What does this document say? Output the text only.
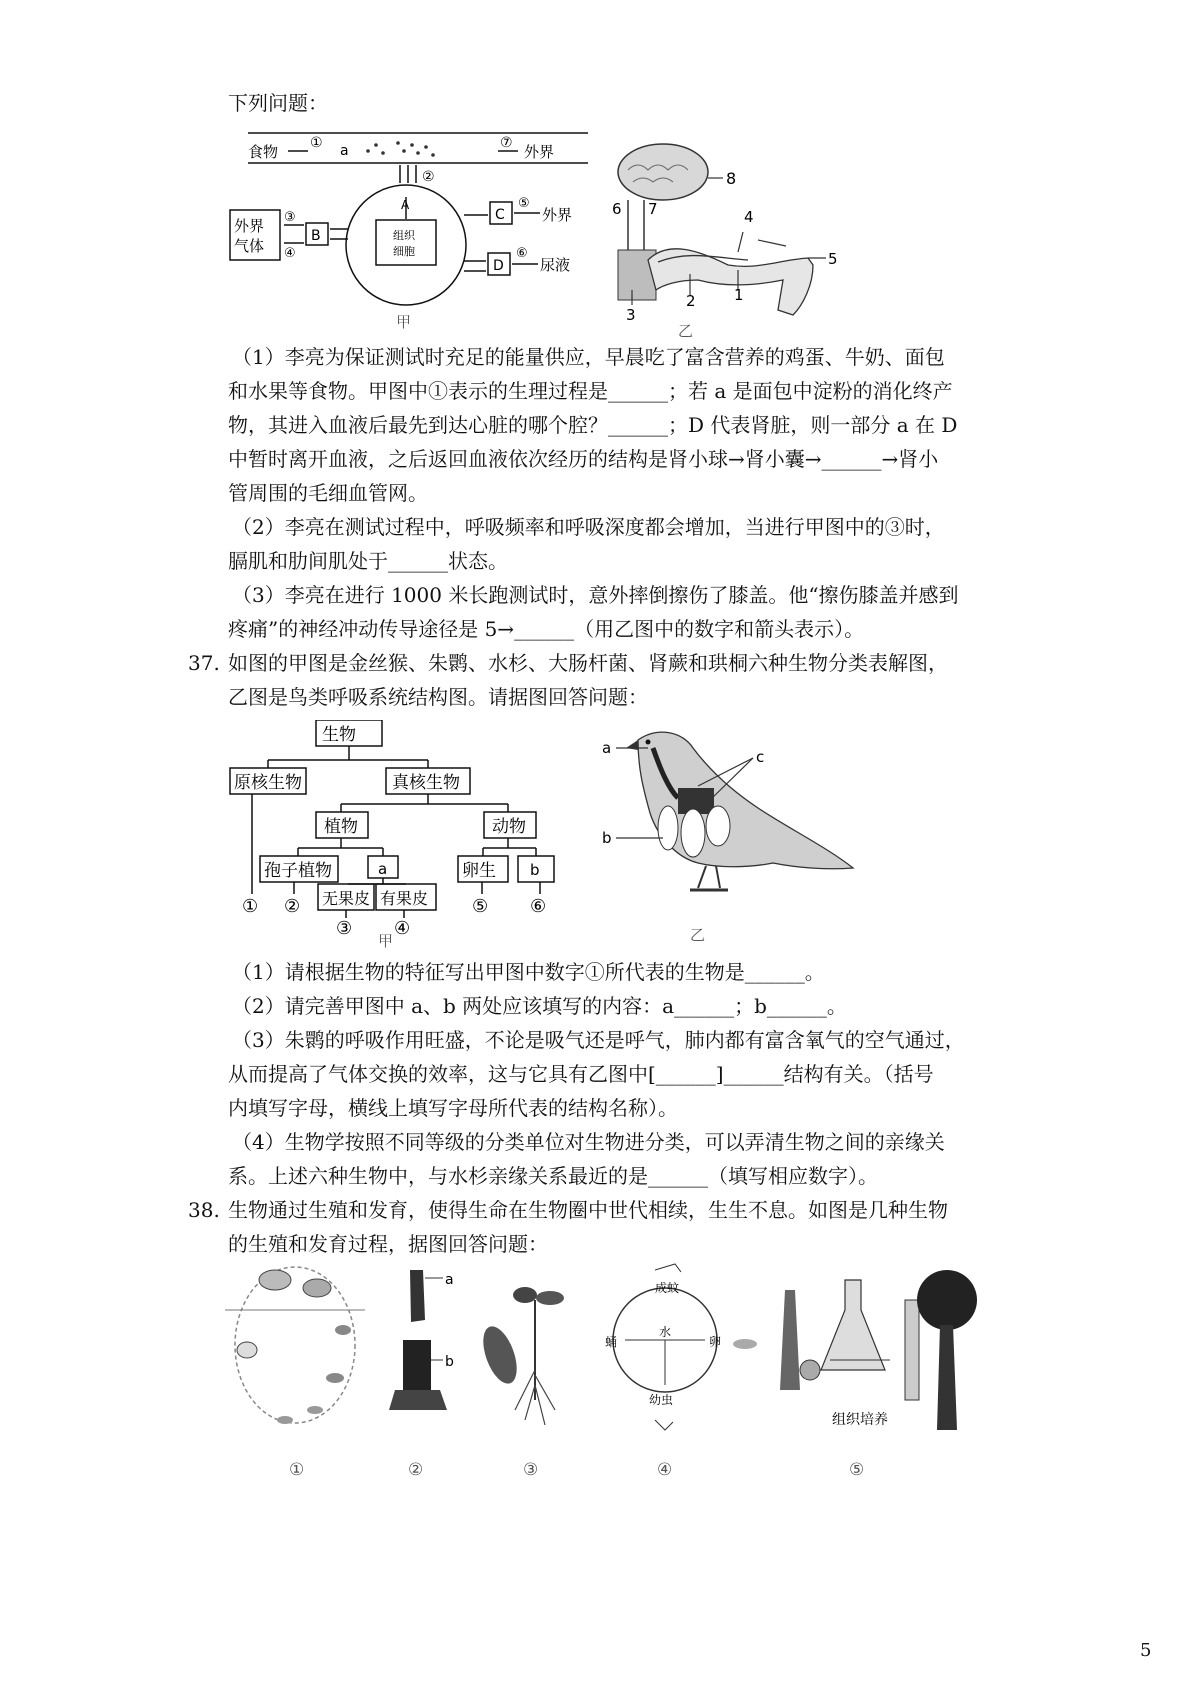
下列问题：
食物 ① a	⑦ 外界
②
A
组织
细胞
外界
气体
③
④
B
C
⑤
外界
D
⑥
尿液
甲
8
6 7	4
5
3
2	1
乙
（1）李亮为保证测试时充足的能量供应，早晨吃了富含营养的鸡蛋、牛奶、面包
和水果等食物。甲图中①表示的生理过程是______；若 a 是面包中淀粉的消化终产
物，其进入血液后最先到达心脏的哪个腔？______；D 代表肾脏，则一部分 a 在 D
中暂时离开血液，之后返回血液依次经历的结构是肾小球→肾小囊→______→肾小
管周围的毛细血管网。
（2）李亮在测试过程中，呼吸频率和呼吸深度都会增加，当进行甲图中的③时，
膈肌和肋间肌处于______状态。
（3）李亮在进行 1000 米长跑测试时，意外摔倒擦伤了膝盖。他“擦伤膝盖并感到
疼痛”的神经冲动传导途径是 5→______（用乙图中的数字和箭头表示）。
37. 如图的甲图是金丝猴、朱鹮、水杉、大肠杆菌、肾蕨和珙桐六种生物分类表解图，
乙图是鸟类呼吸系统结构图。请据图回答问题：
生物
原核生物	真核生物
植物	动物
孢子植物	a	卵生 b
无果皮 有果皮
① ②
③ ④
⑤ ⑥
甲
a	c
b
乙
（1）请根据生物的特征写出甲图中数字①所代表的生物是______。
（2）请完善甲图中 a、b 两处应该填写的内容：a______；b______。
（3）朱鹮的呼吸作用旺盛，不论是吸气还是呼气，肺内都有富含氧气的空气通过，
从而提高了气体交换的效率，这与它具有乙图中[______]______结构有关。（括号
内填写字母，横线上填写字母所代表的结构名称）。
（4）生物学按照不同等级的分类单位对生物进分类，可以弄清生物之间的亲缘关
系。上述六种生物中，与水杉亲缘关系最近的是______（填写相应数字）。
38. 生物通过生殖和发育，使得生命在生物圈中世代相续，生生不息。如图是几种生物
的生殖和发育过程，据图回答问题：
①
a
b
②	③
成蚊
卵
蛹
幼虫
水
④
组织培养
⑤
5
